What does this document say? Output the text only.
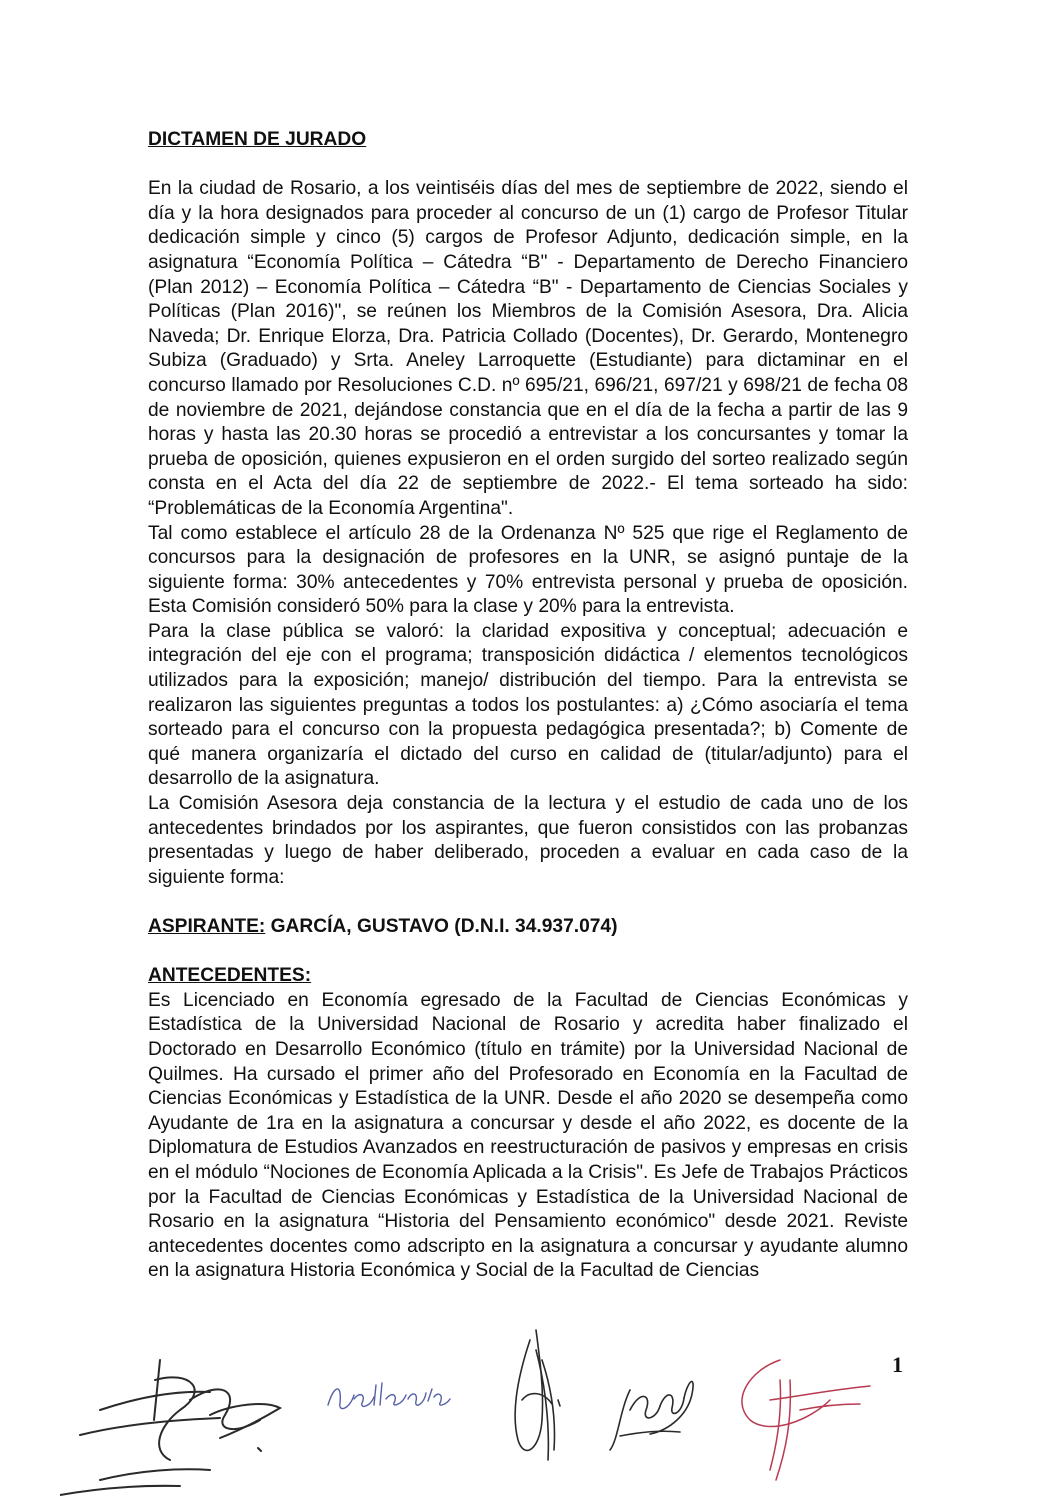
DICTAMEN DE JURADO

En la ciudad de Rosario, a los veintiséis días del mes de septiembre de 2022, siendo el día y la hora designados para proceder al concurso de un (1) cargo de Profesor Titular dedicación simple y cinco (5) cargos de Profesor Adjunto, dedicación simple, en la asignatura “Economía Política – Cátedra “B" - Departamento de Derecho Financiero (Plan 2012) – Economía Política – Cátedra “B" - Departamento de Ciencias Sociales y Políticas (Plan 2016)", se reúnen los Miembros de la Comisión Asesora, Dra. Alicia Naveda; Dr. Enrique Elorza, Dra. Patricia Collado (Docentes), Dr. Gerardo, Montenegro Subiza (Graduado) y Srta. Aneley Larroquette (Estudiante) para dictaminar en el concurso llamado por Resoluciones C.D. nº 695/21, 696/21, 697/21 y 698/21 de fecha 08 de noviembre de 2021, dejándose constancia que en el día de la fecha a partir de las 9 horas y hasta las 20.30 horas se procedió a entrevistar a los concursantes y tomar la prueba de oposición, quienes expusieron en el orden surgido del sorteo realizado según consta en el Acta del día 22 de septiembre de 2022.- El tema sorteado ha sido: “Problemáticas de la Economía Argentina".

Tal como establece el artículo 28 de la Ordenanza Nº 525 que rige el Reglamento de concursos para la designación de profesores en la UNR, se asignó puntaje de la siguiente forma: 30% antecedentes y 70% entrevista personal y prueba de oposición. Esta Comisión consideró 50% para la clase y 20% para la entrevista.

Para la clase pública se valoró: la claridad expositiva y conceptual; adecuación e integración del eje con el programa; transposición didáctica / elementos tecnológicos utilizados para la exposición; manejo/ distribución del tiempo. Para la entrevista se realizaron las siguientes preguntas a todos los postulantes: a) ¿Cómo asociaría el tema sorteado para el concurso con la propuesta pedagógica presentada?; b) Comente de qué manera organizaría el dictado del curso en calidad de (titular/adjunto) para el desarrollo de la asignatura.

La Comisión Asesora deja constancia de la lectura y el estudio de cada uno de los antecedentes brindados por los aspirantes, que fueron consistidos con las probanzas presentadas y luego de haber deliberado, proceden a evaluar en cada caso de la siguiente forma:

ASPIRANTE: GARCÍA, GUSTAVO (D.N.I. 34.937.074)

ANTECEDENTES:

Es Licenciado en Economía egresado de la Facultad de Ciencias Económicas y Estadística de la Universidad Nacional de Rosario y acredita haber finalizado el Doctorado en Desarrollo Económico (título en trámite) por la Universidad Nacional de Quilmes. Ha cursado el primer año del Profesorado en Economía en la Facultad de Ciencias Económicas y Estadística de la UNR. Desde el año 2020 se desempeña como Ayudante de 1ra en la asignatura a concursar y desde el año 2022, es docente de la Diplomatura de Estudios Avanzados en reestructuración de pasivos y empresas en crisis en el módulo “Nociones de Economía Aplicada a la Crisis". Es Jefe de Trabajos Prácticos por la Facultad de Ciencias Económicas y Estadística de la Universidad Nacional de Rosario en la asignatura “Historia del Pensamiento económico" desde 2021. Reviste antecedentes docentes como adscripto en la asignatura a concursar y ayudante alumno en la asignatura Historia Económica y Social de la Facultad de Ciencias

1
